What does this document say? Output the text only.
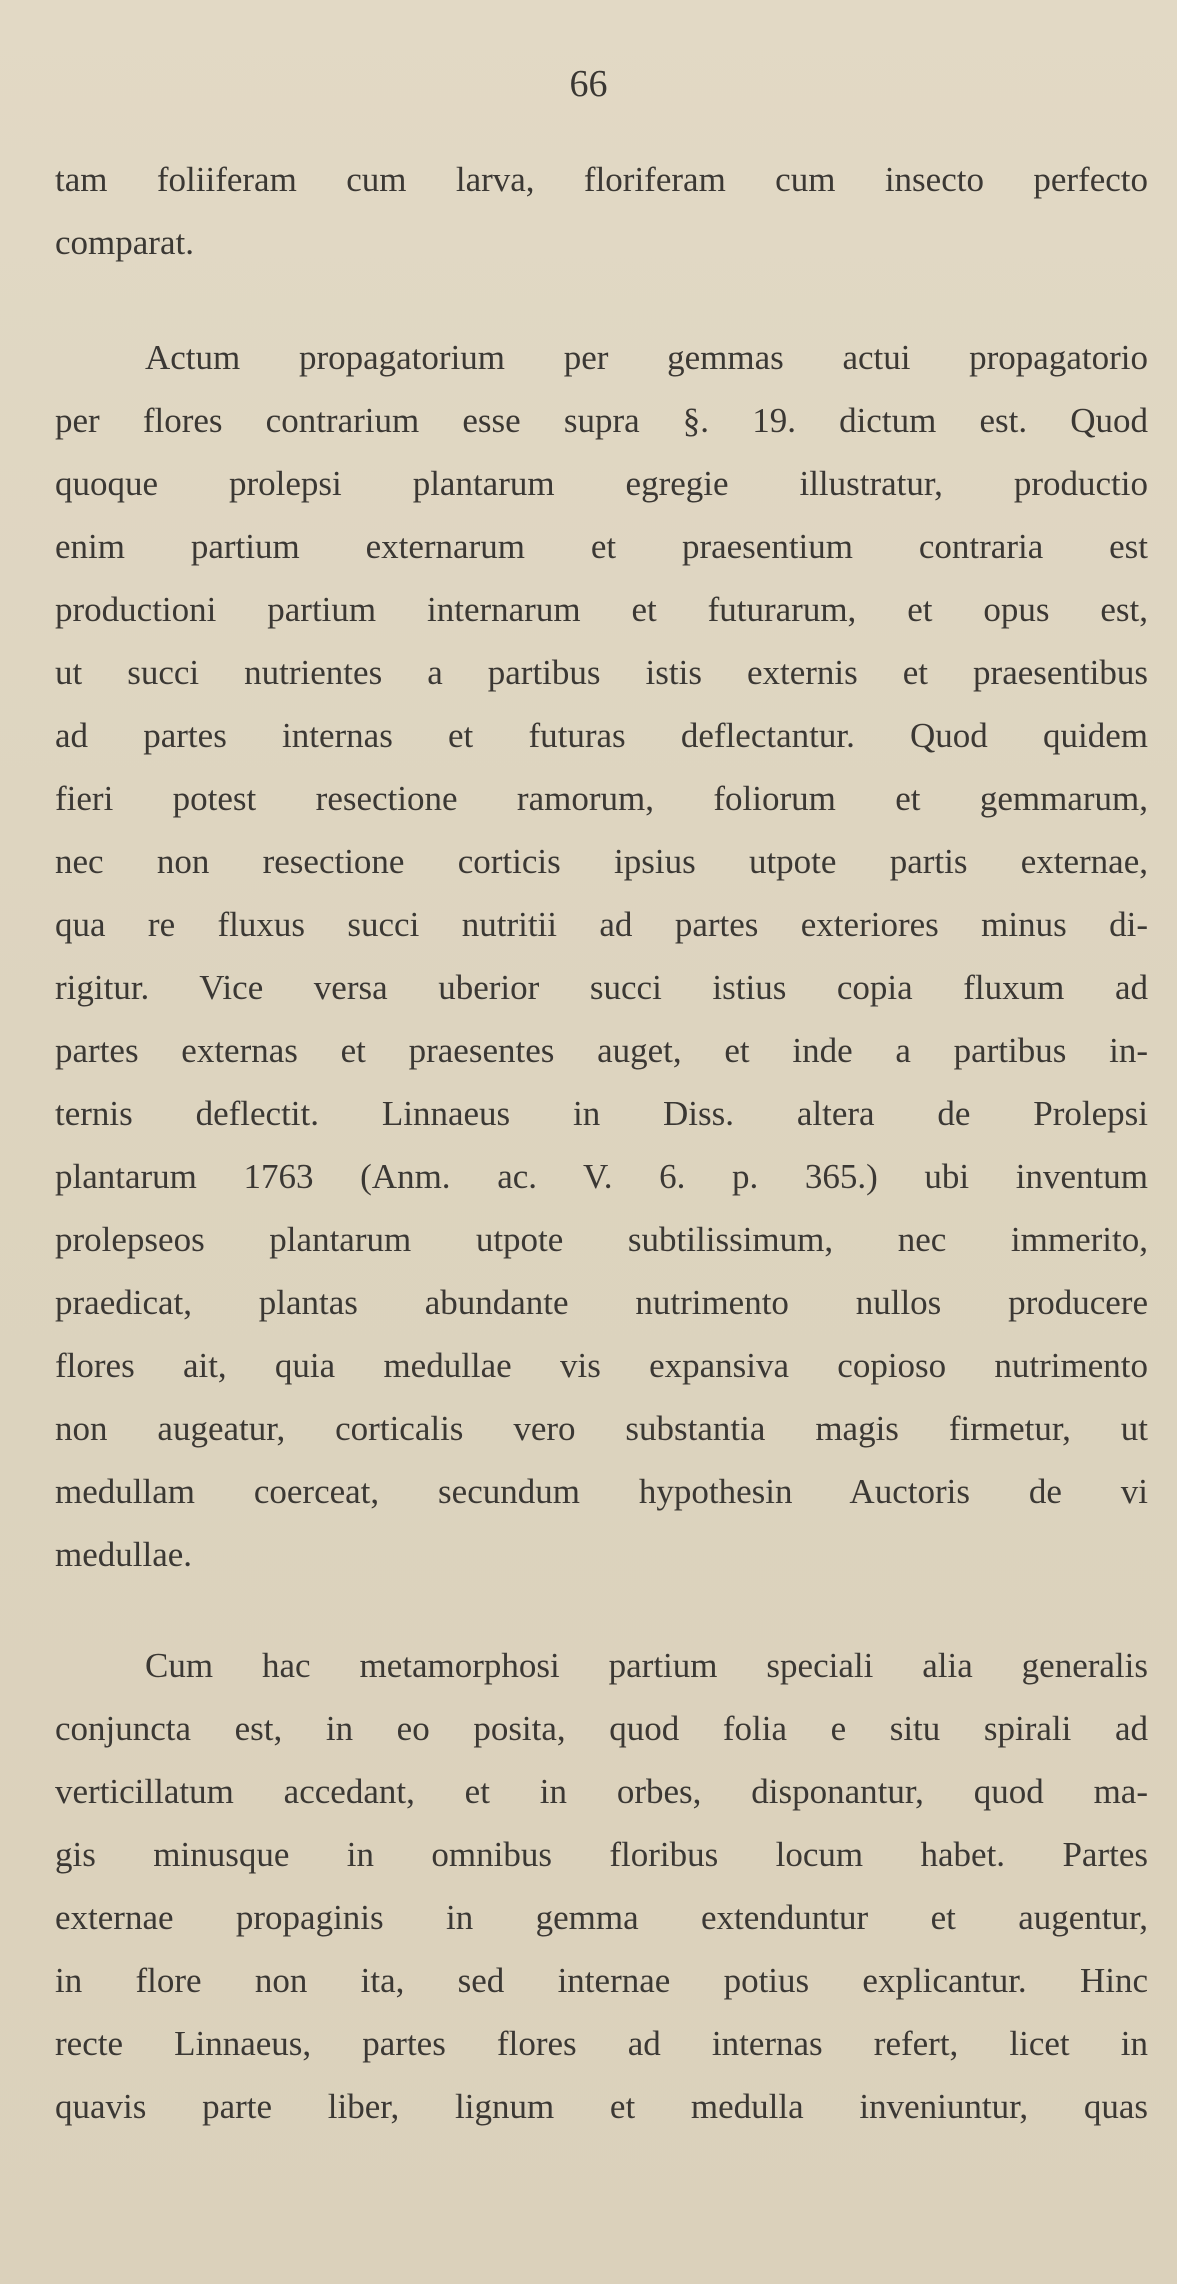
66
tam foliiferam cum larva, floriferam cum insecto perfecto
comparat.
Actum propagatorium per gemmas actui propagatorio
per flores contrarium esse supra §. 19. dictum est. Quod
quoque prolepsi plantarum egregie illustratur, productio
enim partium externarum et praesentium contraria est
productioni partium internarum et futurarum, et opus est,
ut succi nutrientes a partibus istis externis et praesentibus
ad partes internas et futuras deflectantur. Quod quidem
fieri potest resectione ramorum, foliorum et gemmarum,
nec non resectione corticis ipsius utpote partis externae,
qua re fluxus succi nutritii ad partes exteriores minus di-
rigitur. Vice versa uberior succi istius copia fluxum ad
partes externas et praesentes auget, et inde a partibus in-
ternis deflectit. Linnaeus in Diss. altera de Prolepsi
plantarum 1763 (Anm. ac. V. 6. p. 365.) ubi inventum
prolepseos plantarum utpote subtilissimum, nec immerito,
praedicat, plantas abundante nutrimento nullos producere
flores ait, quia medullae vis expansiva copioso nutrimento
non augeatur, corticalis vero substantia magis firmetur, ut
medullam coerceat, secundum hypothesin Auctoris de vi
medullae.
Cum hac metamorphosi partium speciali alia generalis
conjuncta est, in eo posita, quod folia e situ spirali ad
verticillatum accedant, et in orbes, disponantur, quod ma-
gis minusque in omnibus floribus locum habet. Partes
externae propaginis in gemma extenduntur et augentur,
in flore non ita, sed internae potius explicantur. Hinc
recte Linnaeus, partes flores ad internas refert, licet in
quavis parte liber, lignum et medulla inveniuntur, quas
